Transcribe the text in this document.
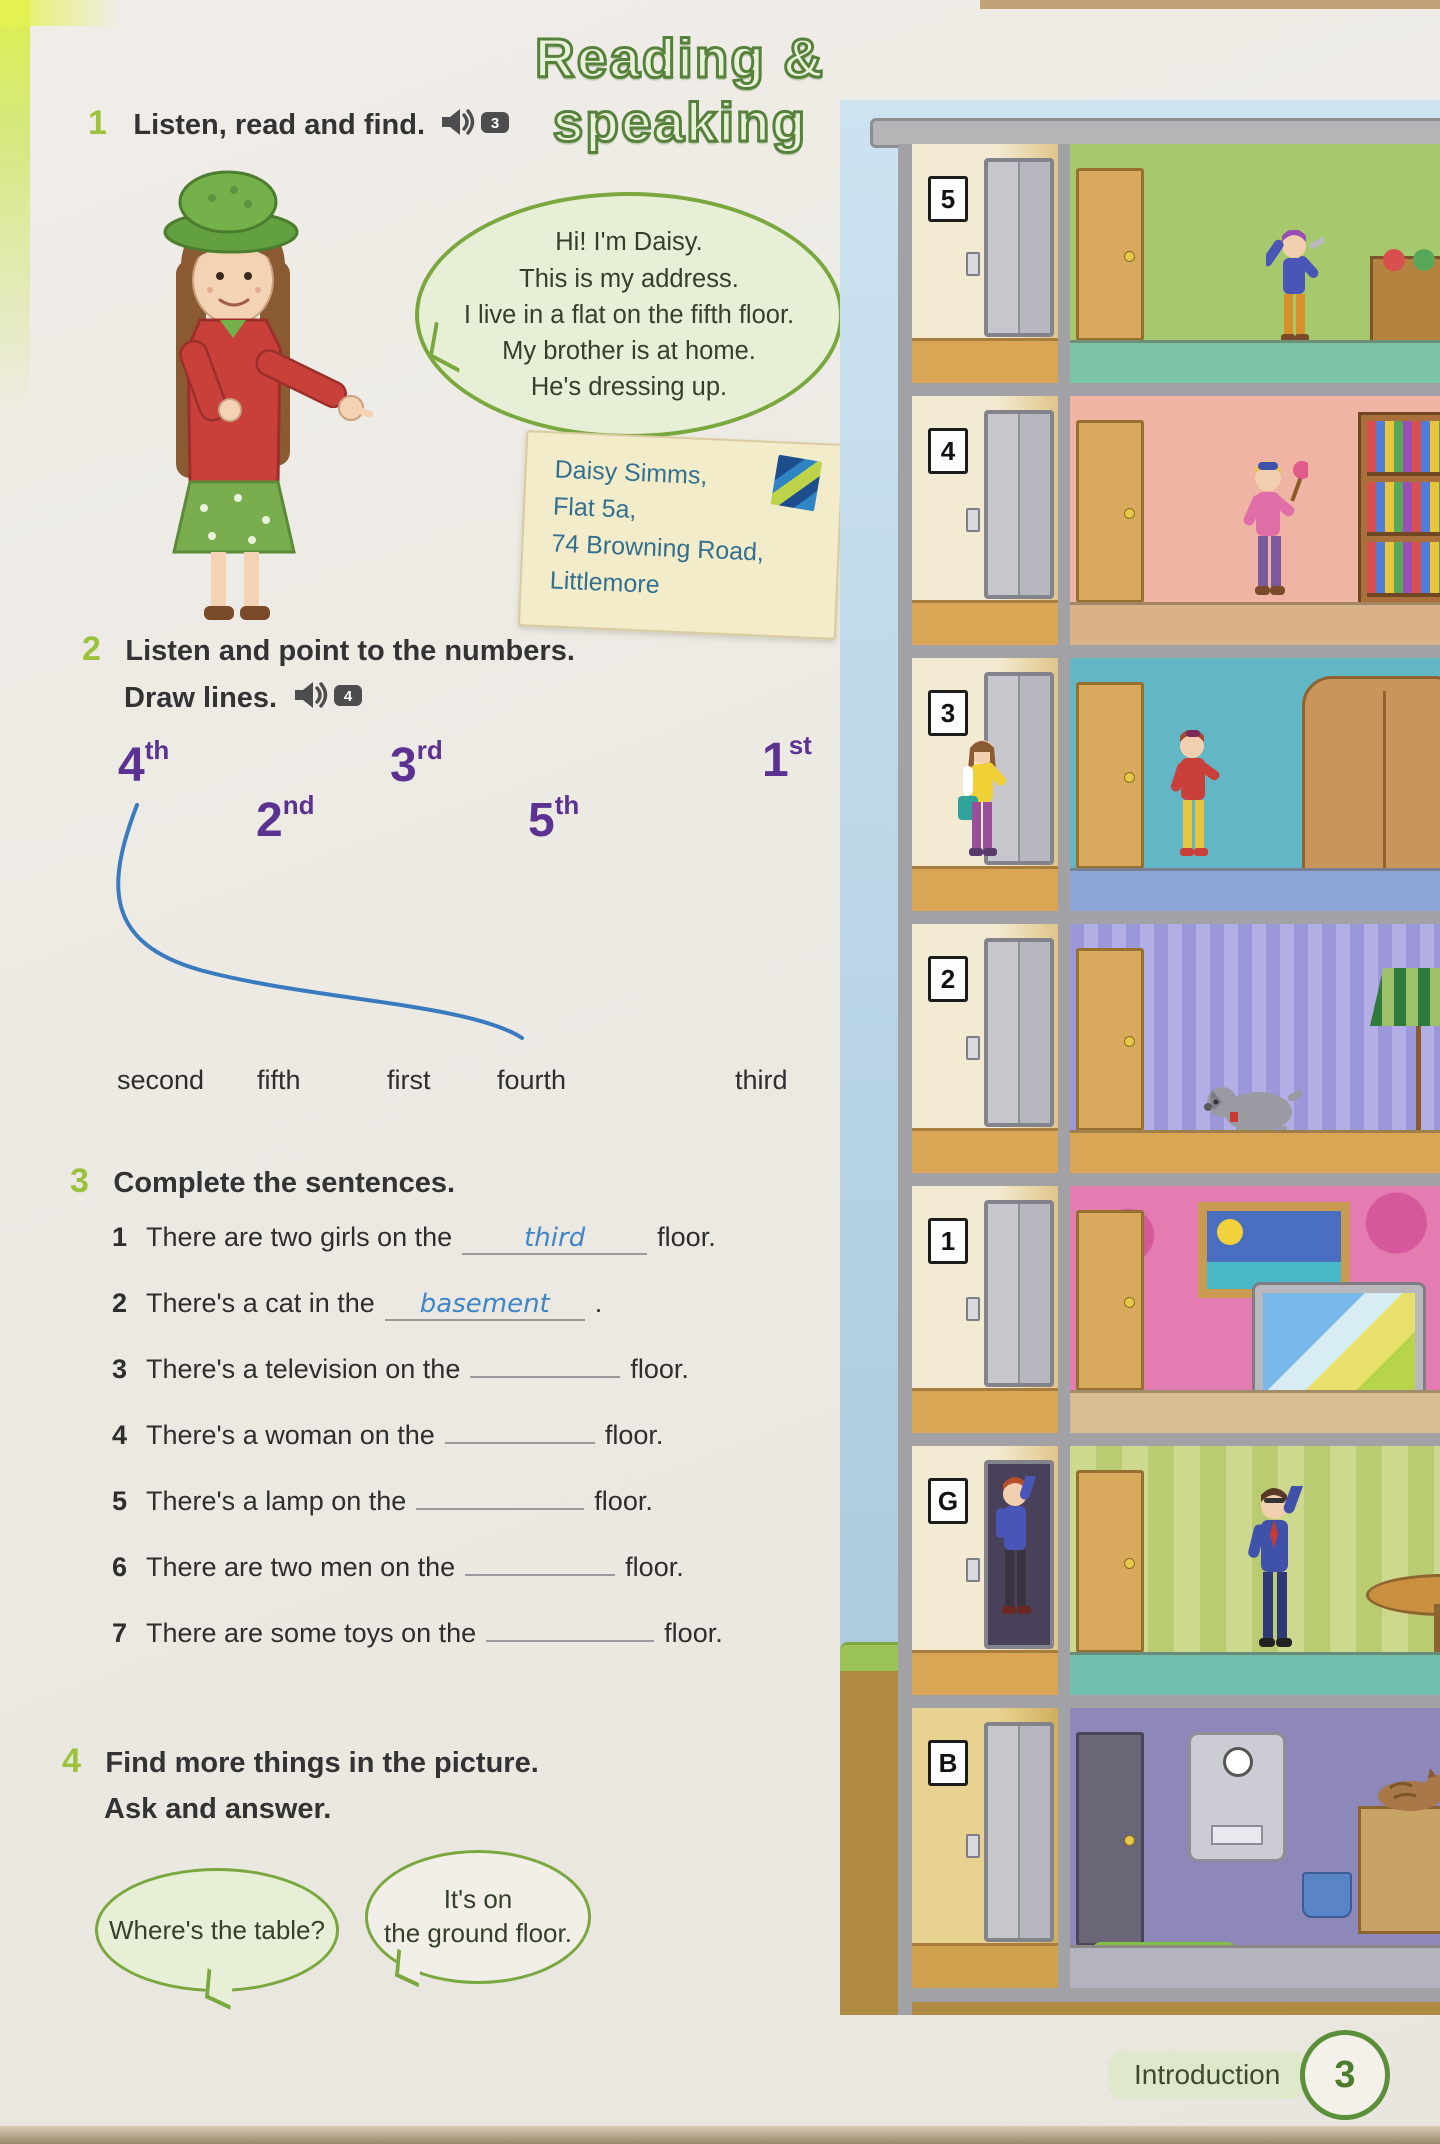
Reading & speaking
1 Listen, read and find.	3
Hi! I'm Daisy.
This is my address.
I live in a flat on the fifth floor.
My brother is at home.
He's dressing up.
Daisy Simms,
Flat 5a,
74 Browning Road,
Littlemore
2 Listen and point to the numbers.
Draw lines.	4
4th
2nd
3rd
5th
1st
second fifth	first fourth	third
3 Complete the sentences.
1 There are two girls on the	third	floor.
2 There's a cat in the	basement	.
3 There's a television on the	floor.
4 There's a woman on the	floor.
5 There's a lamp on the	floor.
6 There are two men on the	floor.
7 There are some toys on the	floor.
4 Find more things in the picture.
Ask and answer.
Where's the table?
It's on
the ground floor.
5
4
3
2
1
G
B
Introduction	3
